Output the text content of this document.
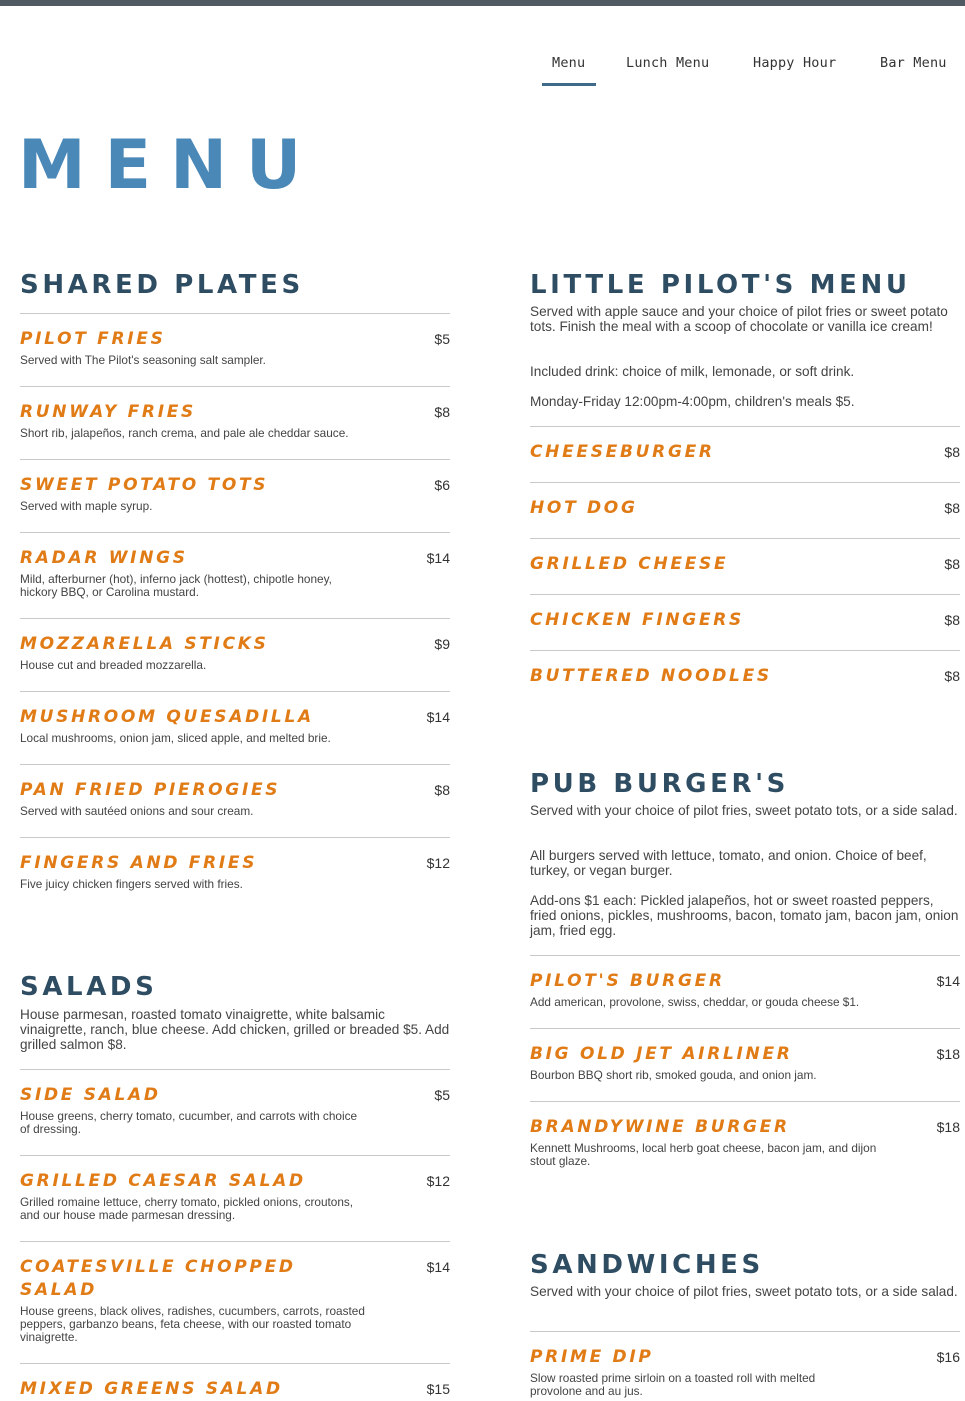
Menu	Lunch Menu	Happy Hour	Bar Menu
MENU
SHARED PLATES
PILOT FRIES	$5

Served with The Pilot's seasoning salt sampler.

RUNWAY FRIES	$8

Short rib, jalapeños, ranch crema, and pale ale cheddar sauce.

SWEET POTATO TOTS	$6

Served with maple syrup.

RADAR WINGS	$14

Mild, afterburner (hot), inferno jack (hottest), chipotle honey, hickory BBQ, or Carolina mustard.

MOZZARELLA STICKS	$9

House cut and breaded mozzarella.

MUSHROOM QUESADILLA	$14

Local mushrooms, onion jam, sliced apple, and melted brie.

PAN FRIED PIEROGIES	$8

Served with sautéed onions and sour cream.

FINGERS AND FRIES	$12

Five juicy chicken fingers served with fries.

SALADS

House parmesan, roasted tomato vinaigrette, white balsamic vinaigrette, ranch, blue cheese. Add chicken, grilled or breaded $5. Add grilled salmon $8.

SIDE SALAD	$5

House greens, cherry tomato, cucumber, and carrots with choice of dressing.

GRILLED CAESAR SALAD	$12

Grilled romaine lettuce, cherry tomato, pickled onions, croutons, and our house made parmesan dressing.

COATESVILLE CHOPPED SALAD
$14

House greens, black olives, radishes, cucumbers, carrots, roasted peppers, garbanzo beans, feta cheese, with our roasted tomato vinaigrette.

MIXED GREENS SALAD	$15
LITTLE PILOT'S MENU

Served with apple sauce and your choice of pilot fries or sweet potato tots. Finish the meal with a scoop of chocolate or vanilla ice cream!

Included drink: choice of milk, lemonade, or soft drink.

Monday-Friday 12:00pm-4:00pm, children's meals $5.

CHEESEBURGER	$8
HOT DOG	$8
GRILLED CHEESE	$8
CHICKEN FINGERS	$8
BUTTERED NOODLES	$8
PUB BURGER'S

Served with your choice of pilot fries, sweet potato tots, or a side salad.

All burgers served with lettuce, tomato, and onion. Choice of beef, turkey, or vegan burger.

Add-ons $1 each: Pickled jalapeños, hot or sweet roasted peppers, fried onions, pickles, mushrooms, bacon, tomato jam, bacon jam, onion jam, fried egg.

PILOT'S BURGER	$14

Add american, provolone, swiss, cheddar, or gouda cheese $1.

BIG OLD JET AIRLINER	$18

Bourbon BBQ short rib, smoked gouda, and onion jam.

BRANDYWINE BURGER	$18

Kennett Mushrooms, local herb goat cheese, bacon jam, and dijon stout glaze.

SANDWICHES

Served with your choice of pilot fries, sweet potato tots, or a side salad.

PRIME DIP	$16

Slow roasted prime sirloin on a toasted roll with melted provolone and au jus.
